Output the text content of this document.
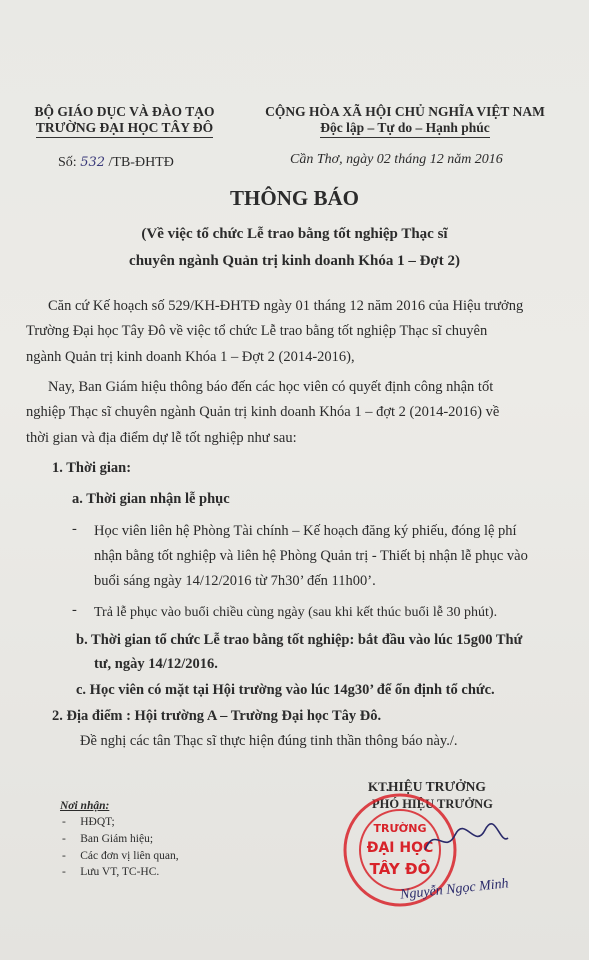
BỘ GIÁO DỤC VÀ ĐÀO TẠO
TRƯỜNG ĐẠI HỌC TÂY ĐÔ
CỘNG HÒA XÃ HỘI CHỦ NGHĨA VIỆT NAM
Độc lập – Tự do – Hạnh phúc
Số: 532 /TB-ĐHTĐ	Cần Thơ, ngày 02 tháng 12 năm 2016
THÔNG BÁO
(Về việc tổ chức Lễ trao bằng tốt nghiệp Thạc sĩ
chuyên ngành Quản trị kinh doanh Khóa 1 – Đợt 2)
Căn cứ Kế hoạch số 529/KH-ĐHTĐ ngày 01 tháng 12 năm 2016 của Hiệu trưởng
Trường Đại học Tây Đô về việc tổ chức Lễ trao bằng tốt nghiệp Thạc sĩ chuyên
ngành Quản trị kinh doanh Khóa 1 – Đợt 2 (2014-2016),
Nay, Ban Giám hiệu thông báo đến các học viên có quyết định công nhận tốt
nghiệp Thạc sĩ chuyên ngành Quản trị kinh doanh Khóa 1 – đợt 2 (2014-2016) về
thời gian và địa điểm dự lễ tốt nghiệp như sau:
1. Thời gian:
a. Thời gian nhận lễ phục
- Học viên liên hệ Phòng Tài chính – Kế hoạch đăng ký phiếu, đóng lệ phí
nhận bằng tốt nghiệp và liên hệ Phòng Quản trị - Thiết bị nhận lễ phục vào
buổi sáng ngày 14/12/2016 từ 7h30’ đến 11h00’.
- Trả lễ phục vào buổi chiều cùng ngày (sau khi kết thúc buổi lễ 30 phút).
b. Thời gian tổ chức Lễ trao bằng tốt nghiệp: bắt đầu vào lúc 15g00 Thứ
tư, ngày 14/12/2016.
c. Học viên có mặt tại Hội trường vào lúc 14g30’ để ổn định tổ chức.
2. Địa điểm : Hội trường A – Trường Đại học Tây Đô.
Đề nghị các tân Thạc sĩ thực hiện đúng tinh thần thông báo này./.
Nơi nhận:
-     HĐQT;
-     Ban Giám hiệu;
-     Các đơn vị liên quan,
-     Lưu VT, TC-HC.
KT.
HIỆU TRƯỞNG
PHÓ HIỆU TRƯỞNG
TRƯỜNG
ĐẠI HỌC
TÂY ĐÔ
Nguyễn Ngọc Minh
